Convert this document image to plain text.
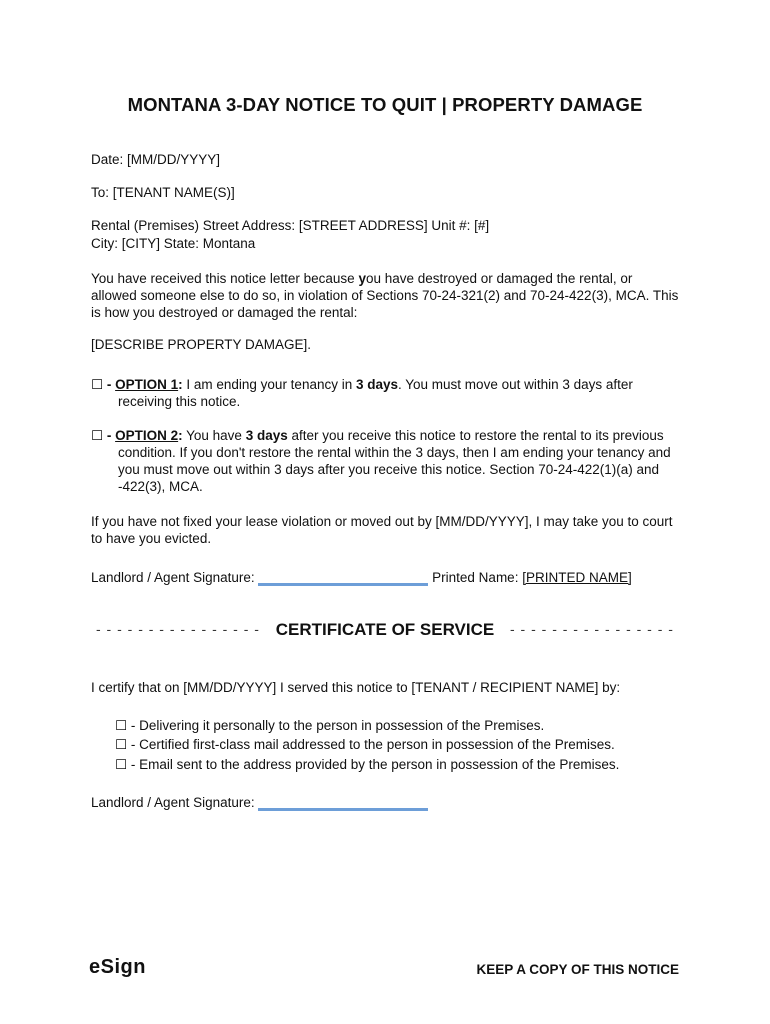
MONTANA 3-DAY NOTICE TO QUIT | PROPERTY DAMAGE
Date: [MM/DD/YYYY]
To: [TENANT NAME(S)]
Rental (Premises) Street Address: [STREET ADDRESS] Unit #: [#]
City: [CITY] State: Montana
You have received this notice letter because you have destroyed or damaged the rental, or allowed someone else to do so, in violation of Sections 70-24-321(2) and 70-24-422(3), MCA. This is how you destroyed or damaged the rental:
[DESCRIBE PROPERTY DAMAGE].
☐ - OPTION 1: I am ending your tenancy in 3 days. You must move out within 3 days after
receiving this notice.
☐ - OPTION 2: You have 3 days after you receive this notice to restore the rental to its previous
condition. If you don't restore the rental within the 3 days, then I am ending your tenancy and you must move out within 3 days after you receive this notice. Section 70-24-422(1)(a) and -422(3), MCA.
If you have not fixed your lease violation or moved out by [MM/DD/YYYY], I may take you to court to have you evicted.
Landlord / Agent Signature:	Printed Name: [PRINTED NAME]
- - - - - - - - - - - - - - - - CERTIFICATE OF SERVICE	- - - - - - - - - - - - - - - -
I certify that on [MM/DD/YYYY] I served this notice to [TENANT / RECIPIENT NAME] by:
☐ - Delivering it personally to the person in possession of the Premises.
☐ - Certified first-class mail addressed to the person in possession of the Premises.
☐ - Email sent to the address provided by the person in possession of the Premises.
Landlord / Agent Signature:
eSign	KEEP A COPY OF THIS NOTICE
